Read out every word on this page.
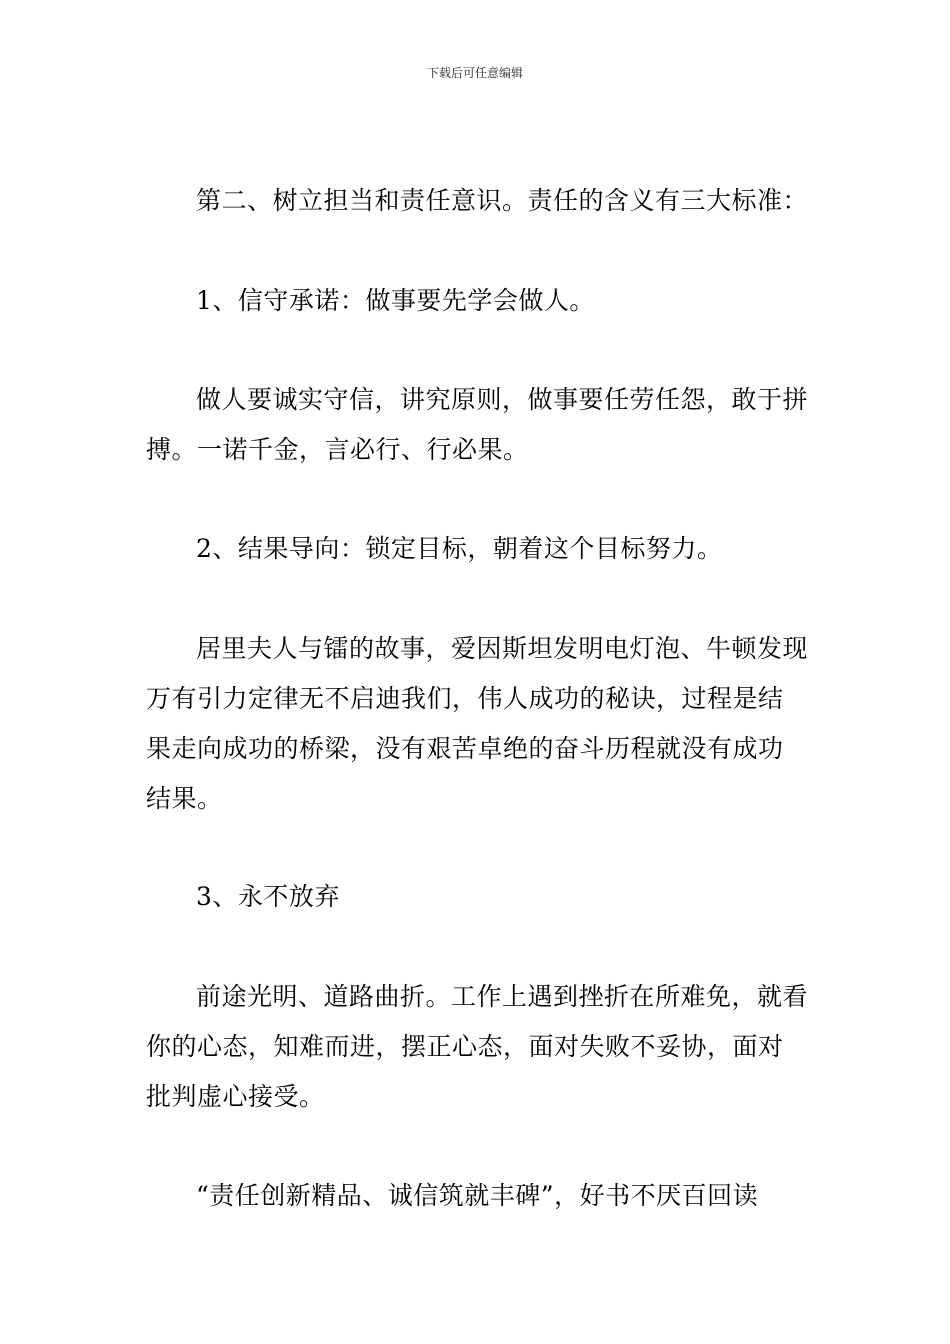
下载后可任意编辑

第二、树立担当和责任意识。责任的含义有三大标准：

1、信守承诺：做事要先学会做人。

做人要诚实守信，讲究原则，做事要任劳任怨，敢于拼搏。一诺千金，言必行、行必果。

2、结果导向：锁定目标，朝着这个目标努力。

居里夫人与镭的故事，爱因斯坦发明电灯泡、牛顿发现万有引力定律无不启迪我们，伟人成功的秘诀，过程是结果走向成功的桥梁，没有艰苦卓绝的奋斗历程就没有成功结果。

3、永不放弃

前途光明、道路曲折。工作上遇到挫折在所难免，就看你的心态，知难而进，摆正心态，面对失败不妥协，面对批判虚心接受。

“责任创新精品、诚信筑就丰碑”，好书不厌百回读
